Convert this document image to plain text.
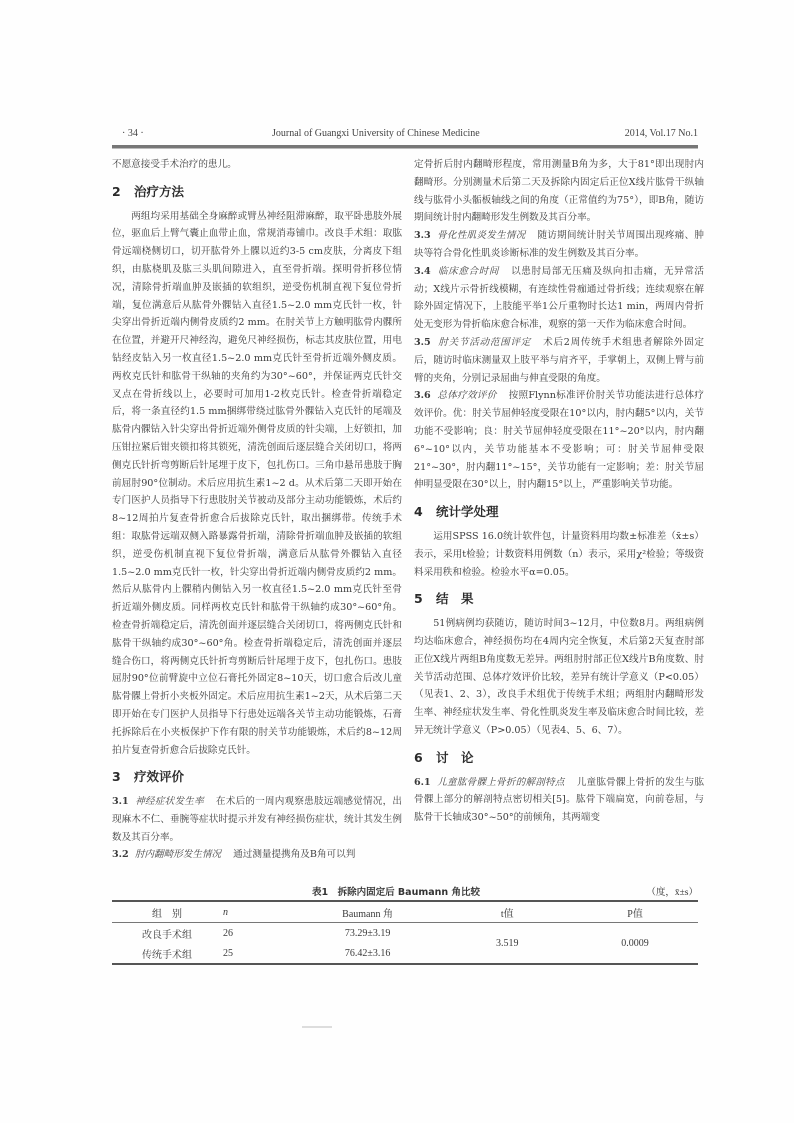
· 34 ·	Journal of Guangxi University of Chinese Medicine	2014, Vol.17 No.1

不愿意接受手术治疗的患儿。

2 治疗方法

两组均采用基础全身麻醉或臂丛神经阻滞麻醉，取平卧患肢外展位，驱血后上臂气囊止血带止血，常规消毒铺巾。改良手术组：取肱骨远端桡侧切口，切开肱骨外上髁以近约3-5 cm皮肤，分离皮下组织，由肱桡肌及肱三头肌间隙进入，直至骨折端。探明骨折移位情况，清除骨折端血肿及嵌插的软组织，逆受伤机制直视下复位骨折端，复位满意后从肱骨外髁钻入直径1.5~2.0 mm克氏针一枚，针尖穿出骨折近端内侧骨皮质约2 mm。在肘关节上方触明肱骨内髁所在位置，并避开尺神经沟，避免尺神经损伤，标志其皮肤位置，用电钻经皮钻入另一枚直径1.5~2.0 mm克氏针至骨折近端外侧皮质。两枚克氏针和肱骨干纵轴的夹角约为30°~60°，并保证两克氏针交叉点在骨折线以上，必要时可加用1-2枚克氏针。检查骨折端稳定后，将一条直径约1.5 mm捆绑带绕过肱骨外髁钻入克氏针的尾端及肱骨内髁钻入针尖穿出骨折近端外侧骨皮质的针尖端，上好锁扣，加压钳拉紧后钳夹锁扣将其锁死，清洗创面后逐层缝合关闭切口，将两侧克氏针折弯剪断后针尾埋于皮下，包扎伤口。三角巾悬吊患肢于胸前屈肘90°位制动。术后应用抗生素1~2 d。从术后第二天即开始在专门医护人员指导下行患肢肘关节被动及部分主动功能锻炼，术后约8~12周拍片复查骨折愈合后拔除克氏针，取出捆绑带。传统手术组：取肱骨远端双侧入路暴露骨折端，清除骨折端血肿及嵌插的软组织，逆受伤机制直视下复位骨折端，满意后从肱骨外髁钻入直径1.5~2.0 mm克氏针一枚，针尖穿出骨折近端内侧骨皮质约2 mm。然后从肱骨内上髁稍内侧钻入另一枚直径1.5~2.0 mm克氏针至骨折近端外侧皮质。同样两枚克氏针和肱骨干纵轴约成30°~60°角。检查骨折端稳定后，清洗创面并逐层缝合关闭切口，将两侧克氏针和肱骨干纵轴约成30°~60°角。检查骨折端稳定后，清洗创面并逐层缝合伤口，将两侧克氏针折弯剪断后针尾埋于皮下，包扎伤口。患肢屈肘90°位前臂旋中立位石膏托外固定8~10天，切口愈合后改儿童肱骨髁上骨折小夹板外固定。术后应用抗生素1~2天，从术后第二天即开始在专门医护人员指导下行患处远端各关节主动功能锻炼，石膏托拆除后在小夹板保护下作有限的肘关节功能锻炼，术后约8~12周拍片复查骨折愈合后拔除克氏针。

3 疗效评价

3.1 神经症状发生率 在术后的一周内观察患肢远端感觉情况，出现麻木不仁、垂腕等症状时提示并发有神经损伤症状，统计其发生例数及其百分率。

3.2 肘内翻畸形发生情况 通过测量提携角及B角可以判

定骨折后肘内翻畸形程度，常用测量B角为多，大于81°即出现肘内翻畸形。分别测量术后第二天及拆除内固定后正位X线片肱骨干纵轴线与肱骨小头骺板轴线之间的角度（正常值约为75°），即B角，随访期间统计肘内翻畸形发生例数及其百分率。

3.3 骨化性肌炎发生情况 随访期间统计肘关节周围出现疼痛、肿块等符合骨化性肌炎诊断标准的发生例数及其百分率。

3.4 临床愈合时间 以患肘局部无压痛及纵向扣击痛，无异常活动；X线片示骨折线模糊，有连续性骨痂通过骨折线；连续观察在解除外固定情况下，上肢能平举1公斤重物时长达1 min，两周内骨折处无变形为骨折临床愈合标准，观察的第一天作为临床愈合时间。

3.5 肘关节活动范围评定 术后2周传统手术组患者解除外固定后，随访时临床测量双上肢平举与肩齐平，手掌朝上，双侧上臂与前臂的夹角，分别记录屈曲与伸直受限的角度。

3.6 总体疗效评价 按照Flynn标准评价肘关节功能法进行总体疗效评价。优：肘关节屈伸轻度受限在10°以内，肘内翻5°以内，关节功能不受影响；良：肘关节屈伸轻度受限在11°~20°以内，肘内翻6°~10°以内，关节功能基本不受影响；可：肘关节屈伸受限21°~30°，肘内翻11°~15°，关节功能有一定影响；差：肘关节屈伸明显受限在30°以上，肘内翻15°以上，严重影响关节功能。

4 统计学处理

运用SPSS 16.0统计软件包，计量资料用均数±标准差（x̄±s）表示，采用t检验；计数资料用例数（n）表示，采用χ²检验；等级资料采用秩和检验。检验水平α=0.05。

5 结　果

51例病例均获随访，随访时间3~12月，中位数8月。两组病例均达临床愈合，神经损伤均在4周内完全恢复，术后第2天复查肘部正位X线片两组B角度数无差异。两组肘肘部正位X线片B角度数、肘关节活动范围、总体疗效评价比较，差异有统计学意义（P<0.05）（见表1、2、3），改良手术组优于传统手术组；两组肘内翻畸形发生率、神经症状发生率、骨化性肌炎发生率及临床愈合时间比较，差异无统计学意义（P>0.05）（见表4、5、6、7）。

6 讨　论

6.1 儿童肱骨髁上骨折的解剖特点 儿童肱骨髁上骨折的发生与肱骨髁上部分的解剖特点密切相关[5]。肱骨下端扁宽，向前卷屈，与肱骨干长轴成30°~50°的前倾角，其两端变

表1　拆除内固定后 Baumann 角比较	（度，x̄±s）
组　别	n	Baumann 角	t值	P值
改良手术组	26	73.29±3.19	3.519	0.0009
传统手术组	25	76.42±3.16		
